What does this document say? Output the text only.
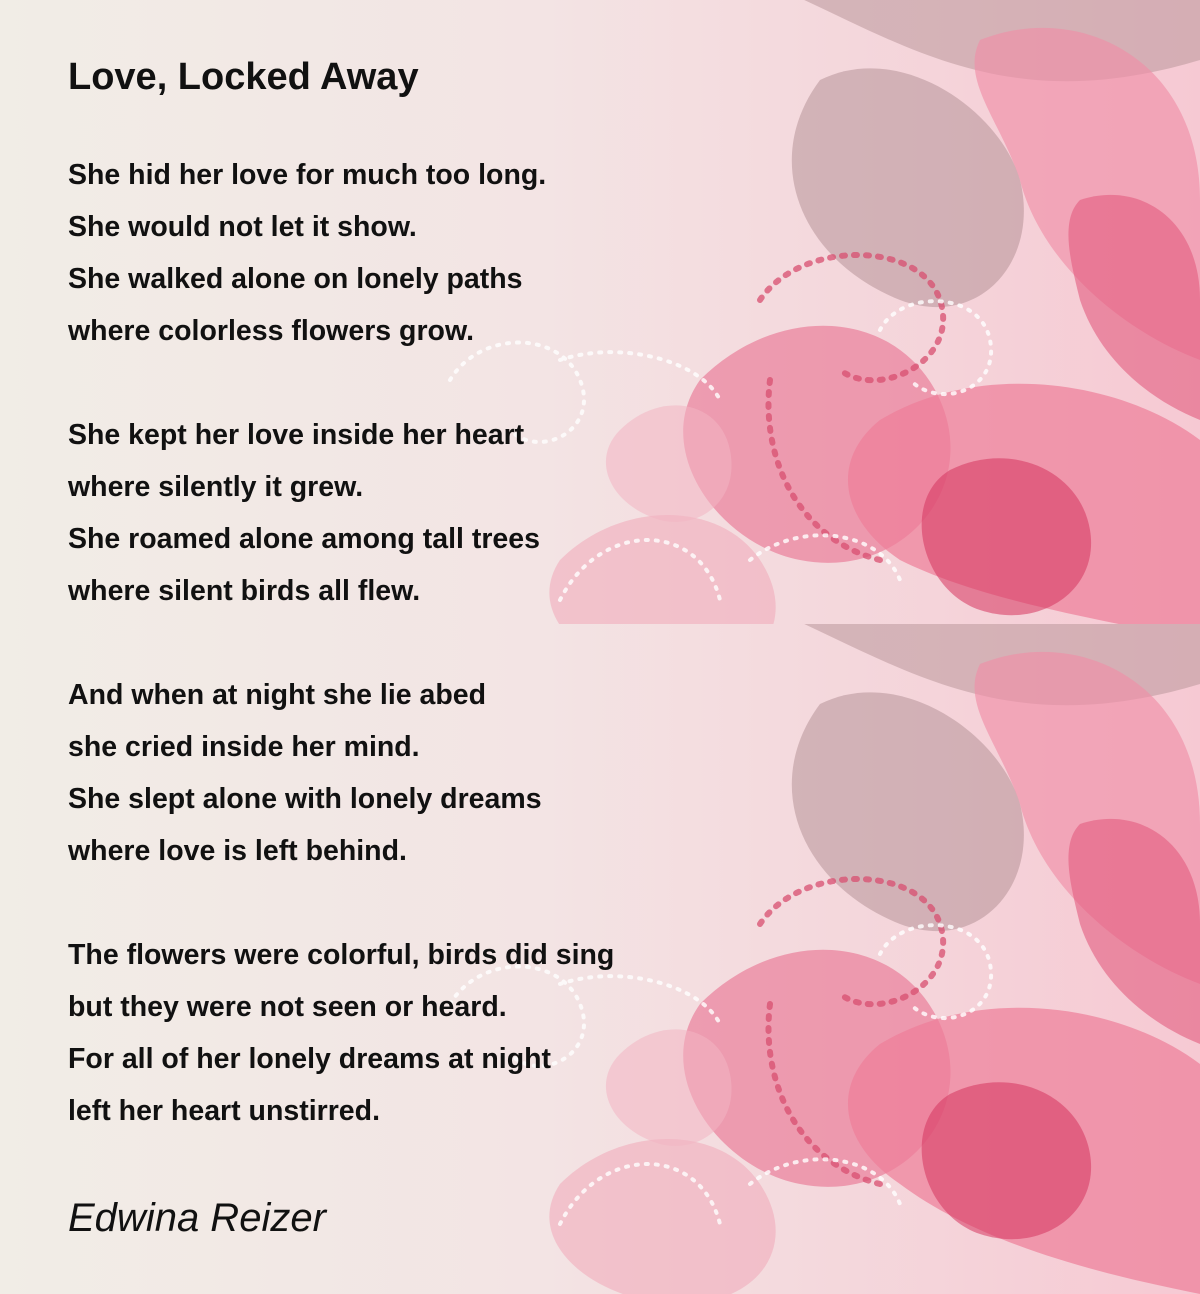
Love, Locked Away
She hid her love for much too long.
She would not let it show.
She walked alone on lonely paths
where colorless flowers grow.
She kept her love inside her heart
where silently it grew.
She roamed alone among tall trees
where silent birds all flew.
And when at night she lie abed
she cried inside her mind.
She slept alone with lonely dreams
where love is left behind.
The flowers were colorful, birds did sing
but they were not seen or heard.
For all of her lonely dreams at night
left her heart unstirred.
Edwina Reizer
